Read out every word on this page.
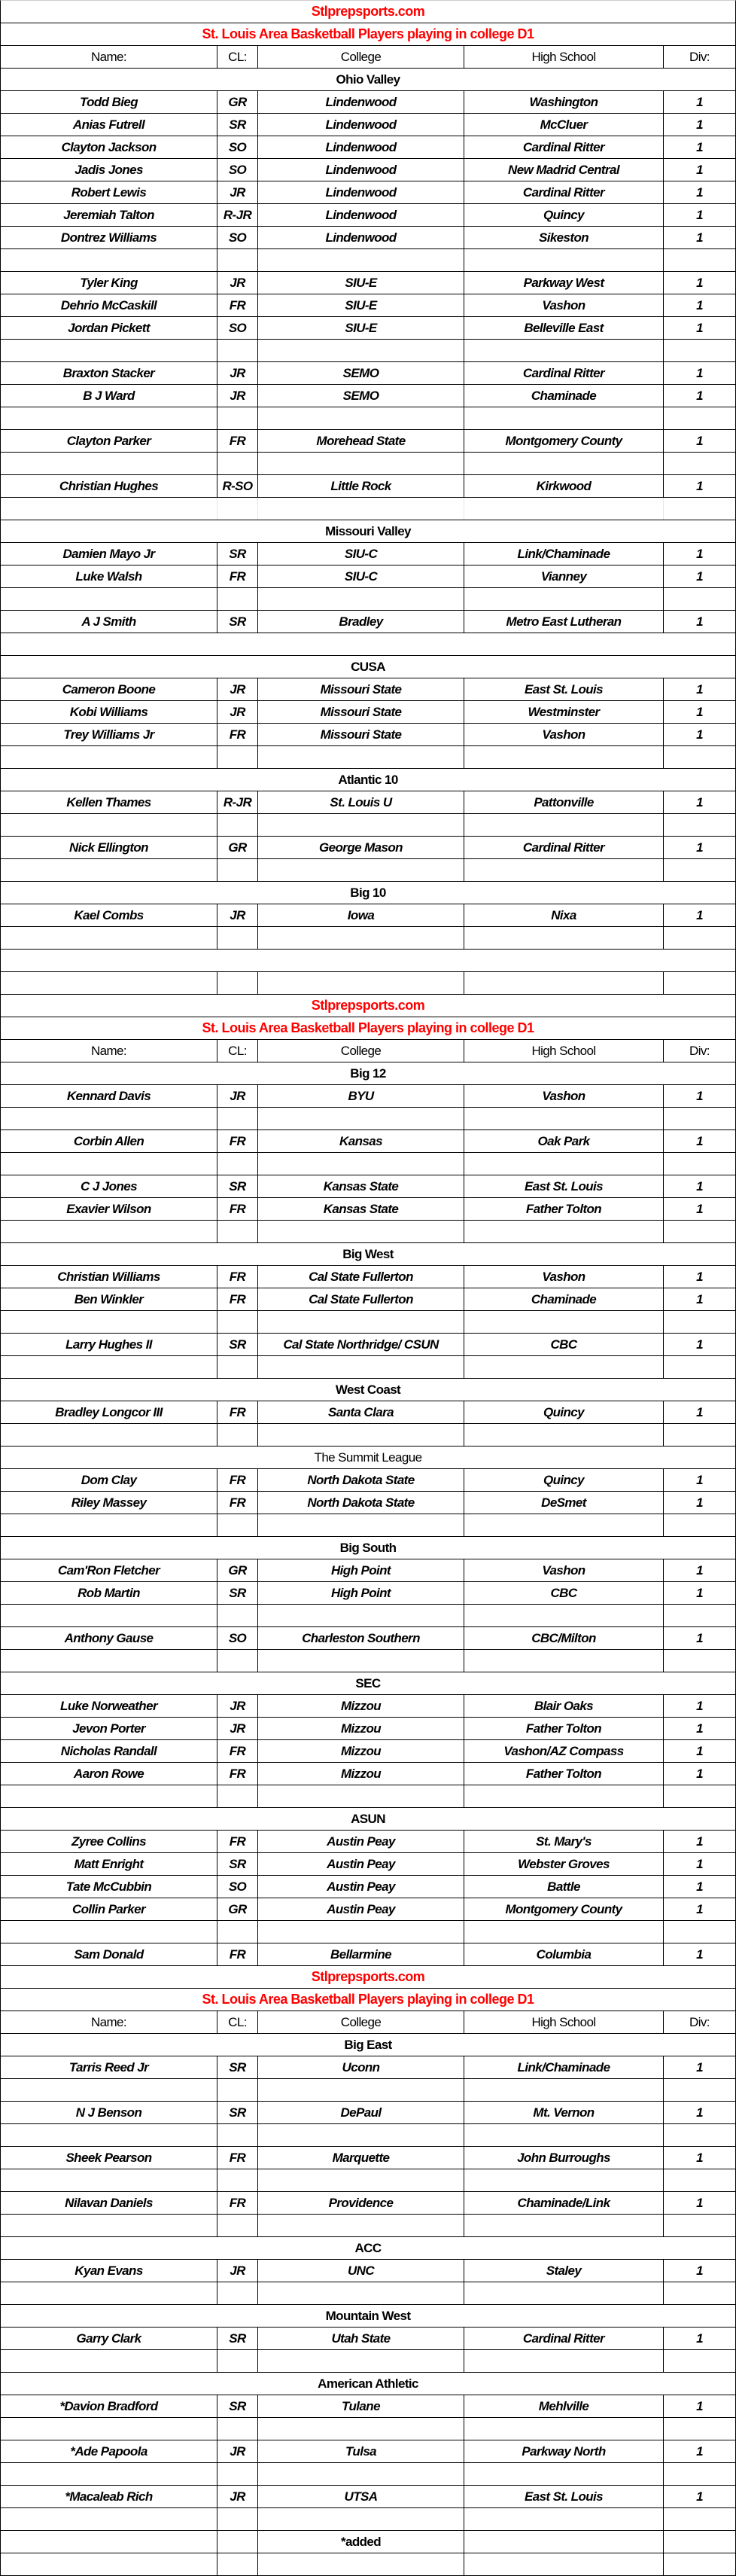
Stlprepsports.com
St. Louis Area Basketball Players playing in college D1
Name:	CL:	College	High School	Div:
Ohio Valley
Todd Bieg	GR	Lindenwood	Washington	1
Anias Futrell	SR	Lindenwood	McCluer	1
Clayton Jackson	SO	Lindenwood	Cardinal Ritter	1
Jadis Jones	SO	Lindenwood	New Madrid Central	1
Robert Lewis	JR	Lindenwood	Cardinal Ritter	1
Jeremiah Talton	R-JR	Lindenwood	Quincy	1
Dontrez Williams	SO	Lindenwood	Sikeston	1
Tyler King	JR	SIU-E	Parkway West	1
Dehrio McCaskill	FR	SIU-E	Vashon	1
Jordan Pickett	SO	SIU-E	Belleville East	1
Braxton Stacker	JR	SEMO	Cardinal Ritter	1
B J Ward	JR	SEMO	Chaminade	1
Clayton Parker	FR	Morehead State	Montgomery County	1
Christian Hughes	R-SO	Little Rock	Kirkwood	1
Missouri Valley
Damien Mayo Jr	SR	SIU-C	Link/Chaminade	1
Luke Walsh	FR	SIU-C	Vianney	1
A J Smith	SR	Bradley	Metro East Lutheran	1
CUSA
Cameron Boone	JR	Missouri State	East St. Louis	1
Kobi Williams	JR	Missouri State	Westminster	1
Trey Williams Jr	FR	Missouri State	Vashon	1
Atlantic 10
Kellen Thames	R-JR	St. Louis U	Pattonville	1
Nick Ellington	GR	George Mason	Cardinal Ritter	1
Big 10
Kael Combs	JR	Iowa	Nixa	1
Stlprepsports.com
St. Louis Area Basketball Players playing in college D1
Name:	CL:	College	High School	Div:
Big 12
Kennard Davis	JR	BYU	Vashon	1
Corbin Allen	FR	Kansas	Oak Park	1
C J Jones	SR	Kansas State	East St. Louis	1
Exavier Wilson	FR	Kansas State	Father Tolton	1
Big West
Christian Williams	FR	Cal State Fullerton	Vashon	1
Ben Winkler	FR	Cal State Fullerton	Chaminade	1
Larry Hughes II	SR	Cal State Northridge/ CSUN	CBC	1
West Coast
Bradley Longcor III	FR	Santa Clara	Quincy	1
The Summit League
Dom Clay	FR	North Dakota State	Quincy	1
Riley Massey	FR	North Dakota State	DeSmet	1
Big South
Cam'Ron Fletcher	GR	High Point	Vashon	1
Rob Martin	SR	High Point	CBC	1
Anthony Gause	SO	Charleston Southern	CBC/Milton	1
SEC
Luke Norweather	JR	Mizzou	Blair Oaks	1
Jevon Porter	JR	Mizzou	Father Tolton	1
Nicholas Randall	FR	Mizzou	Vashon/AZ Compass	1
Aaron Rowe	FR	Mizzou	Father Tolton	1
ASUN
Zyree Collins	FR	Austin Peay	St. Mary's	1
Matt Enright	SR	Austin Peay	Webster Groves	1
Tate McCubbin	SO	Austin Peay	Battle	1
Collin Parker	GR	Austin Peay	Montgomery County	1
Sam Donald	FR	Bellarmine	Columbia	1
Stlprepsports.com
St. Louis Area Basketball Players playing in college D1
Name:	CL:	College	High School	Div:
Big East
Tarris Reed Jr	SR	Uconn	Link/Chaminade	1
N J Benson	SR	DePaul	Mt. Vernon	1
Sheek Pearson	FR	Marquette	John Burroughs	1
Nilavan Daniels	FR	Providence	Chaminade/Link	1
ACC
Kyan Evans	JR	UNC	Staley	1
Mountain West
Garry Clark	SR	Utah State	Cardinal Ritter	1
American Athletic
*Davion Bradford	SR	Tulane	Mehlville	1
*Ade Papoola	JR	Tulsa	Parkway North	1
*Macaleab Rich	JR	UTSA	East St. Louis	1
*added
